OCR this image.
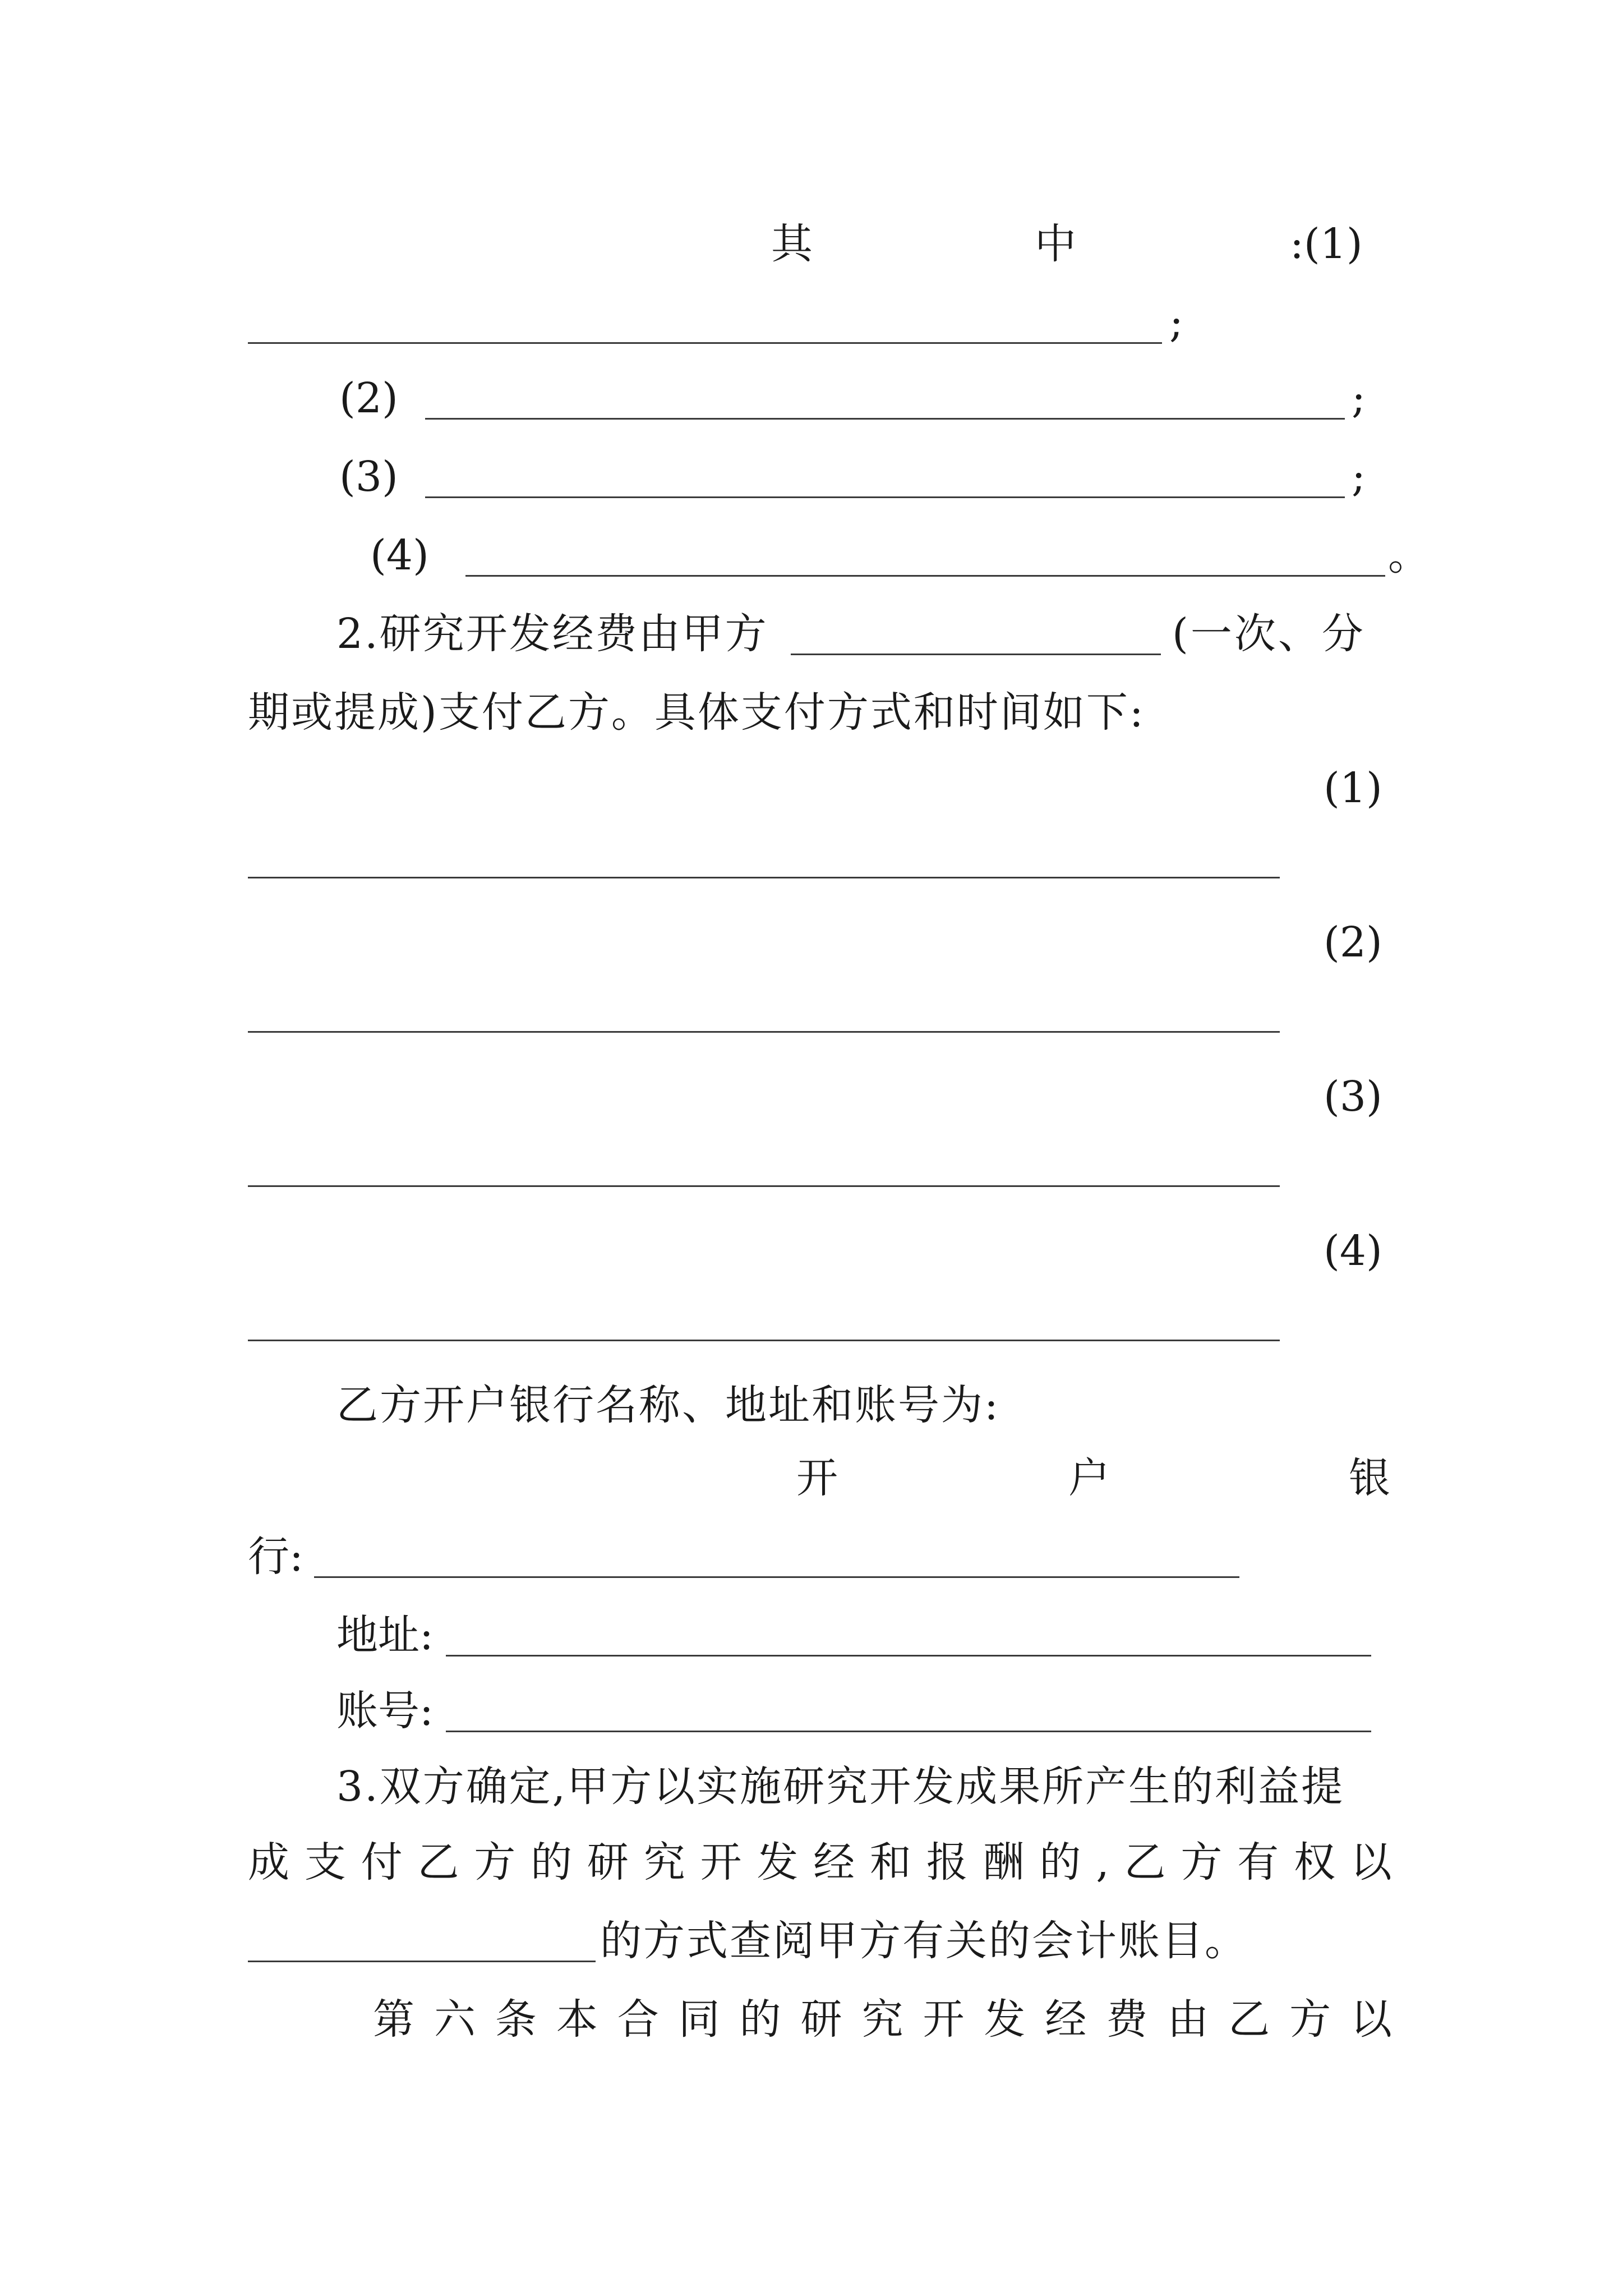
其	中	:(1)
;
(2)	;
(3)	;
(4)	。
2.研究开发经费由甲方	(一次、分
期或提成)支付乙方。具体支付方式和时间如下:
(1)
(2)
(3)
(4)
乙方开户银行名称、地址和账号为:
开	户	银
行:
地址:
账号:
3.双方确定,甲方以实施研究开发成果所产生的利益提
成 支 付 乙 方 的 研 究 开 发 经 和 报 酬 的 , 乙 方 有 权 以
的方式查阅甲方有关的会计账目。
第 六 条 本 合 同 的 研 究 开 发 经 费 由 乙 方 以
